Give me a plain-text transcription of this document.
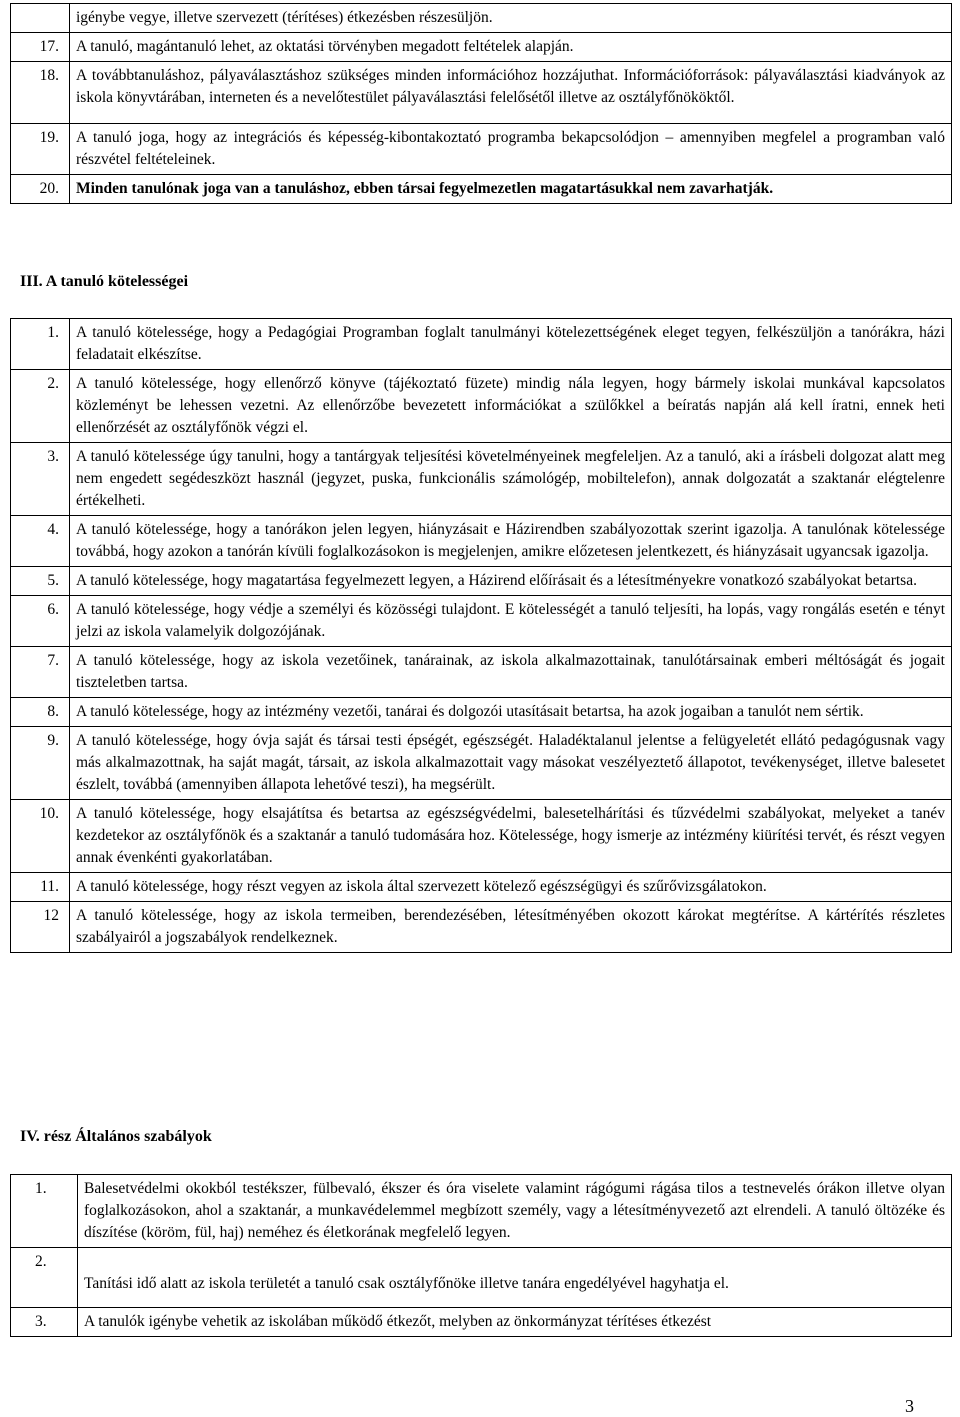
	igénybe vegye, illetve szervezett (térítéses) étkezésben részesüljön.
17.	A tanuló, magántanuló lehet, az oktatási törvényben megadott feltételek alapján.
18.	A továbbtanuláshoz, pályaválasztáshoz szükséges minden információhoz hozzájuthat. Információforrások: pályaválasztási kiadványok az iskola könyvtárában, interneten és a nevelőtestület pályaválasztási felelősétől illetve az osztályfőnököktől.
19.	A tanuló joga, hogy az integrációs és képesség-kibontakoztató programba bekapcsolódjon – amennyiben megfelel a programban való részvétel feltételeinek.
20.	Minden tanulónak joga van a tanuláshoz, ebben társai fegyelmezetlen magatartásukkal nem zavarhatják.
III. A tanuló kötelességei
1.	A tanuló kötelessége, hogy a Pedagógiai Programban foglalt tanulmányi kötelezettségének eleget tegyen, felkészüljön a tanórákra, házi feladatait elkészítse.
2.	A tanuló kötelessége, hogy ellenőrző könyve (tájékoztató füzete) mindig nála legyen, hogy bármely iskolai munkával kapcsolatos közleményt be lehessen vezetni. Az ellenőrzőbe bevezetett információkat a szülőkkel a beíratás napján alá kell íratni, ennek heti ellenőrzését az osztályfőnök végzi el.
3.	A tanuló kötelessége úgy tanulni, hogy a tantárgyak teljesítési követelményeinek megfeleljen. Az a tanuló, aki a írásbeli dolgozat alatt meg nem engedett segédeszközt használ (jegyzet, puska, funkcionális számológép, mobiltelefon), annak dolgozatát a szaktanár elégtelenre értékelheti.
4.	A tanuló kötelessége, hogy a tanórákon jelen legyen, hiányzásait e Házirendben szabályozottak szerint igazolja. A tanulónak kötelessége továbbá, hogy azokon a tanórán kívüli foglalkozásokon is megjelenjen, amikre előzetesen jelentkezett, és hiányzásait ugyancsak igazolja.
5.	A tanuló kötelessége, hogy magatartása fegyelmezett legyen, a Házirend előírásait és a létesítményekre vonatkozó szabályokat betartsa.
6.	A tanuló kötelessége, hogy védje a személyi és közösségi tulajdont. E kötelességét a tanuló teljesíti, ha lopás, vagy rongálás esetén e tényt jelzi az iskola valamelyik dolgozójának.
7.	A tanuló kötelessége, hogy az iskola vezetőinek, tanárainak, az iskola alkalmazottainak, tanulótársainak emberi méltóságát és jogait tiszteletben tartsa.
8.	A tanuló kötelessége, hogy az intézmény vezetői, tanárai és dolgozói utasításait betartsa, ha azok jogaiban a tanulót nem sértik.
9.	A tanuló kötelessége, hogy óvja saját és társai testi épségét, egészségét. Haladéktalanul jelentse a felügyeletét ellátó pedagógusnak vagy más alkalmazottnak, ha saját magát, társait, az iskola alkalmazottait vagy másokat veszélyeztető állapotot, tevékenységet, illetve balesetet észlelt, továbbá (amennyiben állapota lehetővé teszi), ha megsérült.
10.	A tanuló kötelessége, hogy elsajátítsa és betartsa az egészségvédelmi, balesetelhárítási és tűzvédelmi szabályokat, melyeket a tanév kezdetekor az osztályfőnök és a szaktanár a tanuló tudomására hoz. Kötelessége, hogy ismerje az intézmény kiürítési tervét, és részt vegyen annak évenkénti gyakorlatában.
11.	A tanuló kötelessége, hogy részt vegyen az iskola által szervezett kötelező egészségügyi és szűrővizsgálatokon.
12	A tanuló kötelessége, hogy az iskola termeiben, berendezésében, létesítményében okozott károkat megtérítse. A kártérítés részletes szabályairól a jogszabályok rendelkeznek.
IV. rész Általános szabályok
1.	Balesetvédelmi okokból testékszer, fülbevaló, ékszer és óra viselete valamint rágógumi rágása tilos a testnevelés órákon illetve olyan foglalkozásokon, ahol a szaktanár, a munkavédelemmel megbízott személy, vagy a létesítményvezető azt elrendeli. A tanuló öltözéke és díszítése (köröm, fül, haj) neméhez és életkorának megfelelő legyen.
2.	Tanítási idő alatt az iskola területét a tanuló csak osztályfőnöke illetve tanára engedélyével hagyhatja el.
3.	A tanulók igénybe vehetik az iskolában működő étkezőt, melyben az önkormányzat térítéses étkezést
3
